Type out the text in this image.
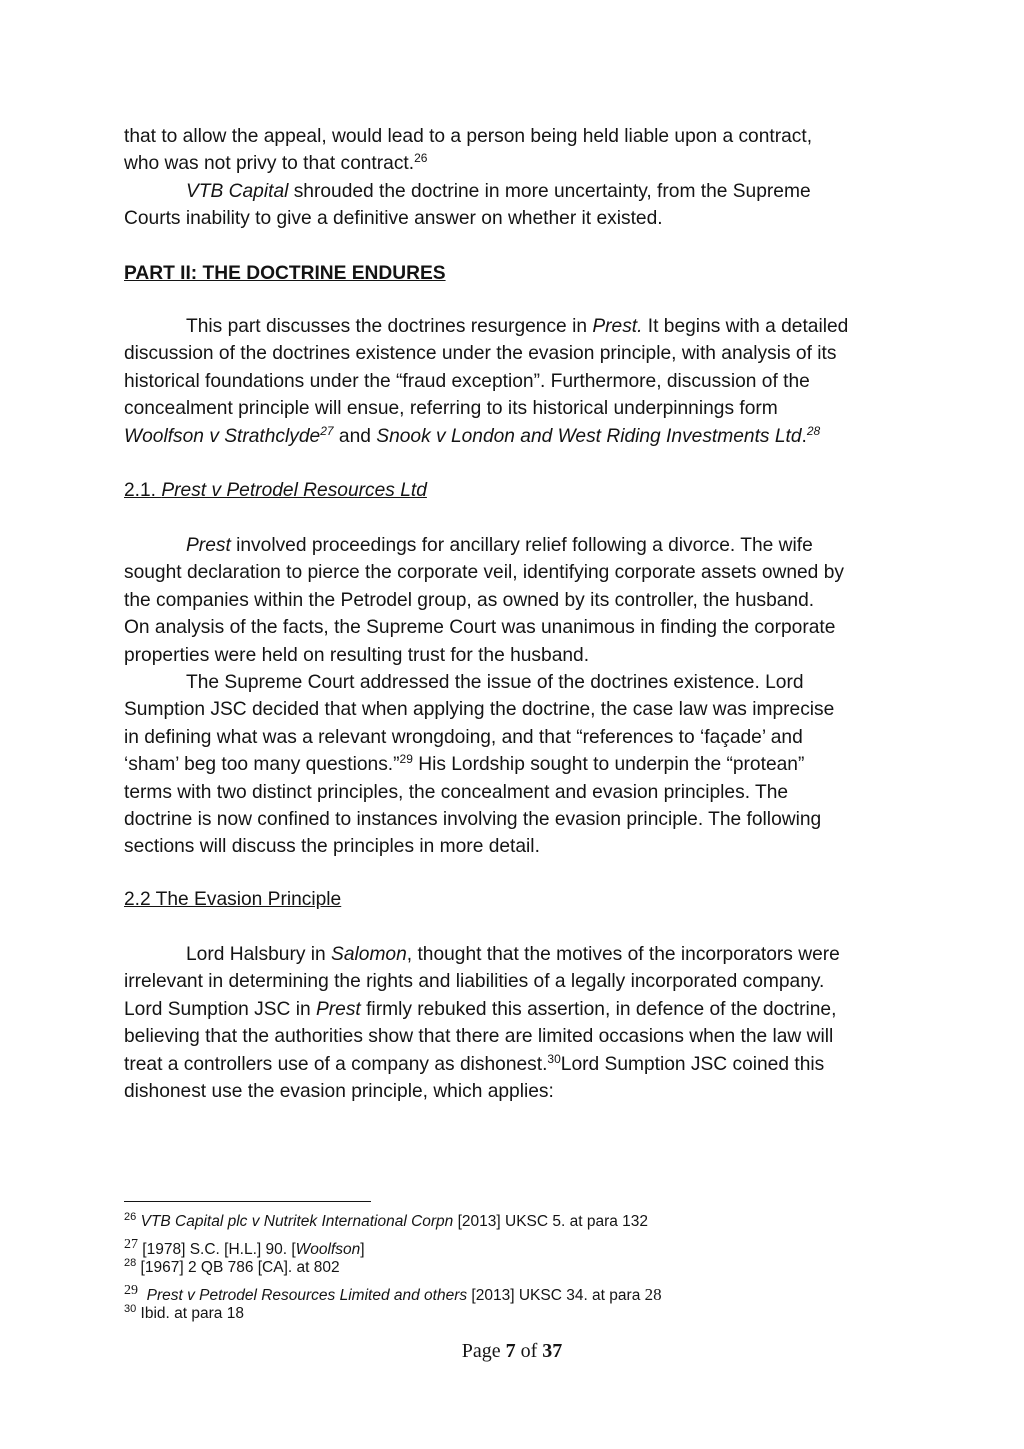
that to allow the appeal, would lead to a person being held liable upon a contract,
who was not privy to that contract.$^{26}$
VTB Capital shrouded the doctrine in more uncertainty, from the Supreme
Courts inability to give a definitive answer on whether it existed.
PART II: THE DOCTRINE ENDURES
This part discusses the doctrines resurgence in Prest. It begins with a detailed
discussion of the doctrines existence under the evasion principle, with analysis of its
historical foundations under the “fraud exception”. Furthermore, discussion of the
concealment principle will ensue, referring to its historical underpinnings form
Woolfson v Strathclyde$^{27}$ and Snook v London and West Riding Investments Ltd.$^{28}$
2.1. Prest v Petrodel Resources Ltd
Prest involved proceedings for ancillary relief following a divorce. The wife
sought declaration to pierce the corporate veil, identifying corporate assets owned by
the companies within the Petrodel group, as owned by its controller, the husband.
On analysis of the facts, the Supreme Court was unanimous in finding the corporate
properties were held on resulting trust for the husband.
The Supreme Court addressed the issue of the doctrines existence. Lord
Sumption JSC decided that when applying the doctrine, the case law was imprecise
in defining what was a relevant wrongdoing, and that “references to ‘façade’ and
‘sham’ beg too many questions.”$^{29}$ His Lordship sought to underpin the “protean”
terms with two distinct principles, the concealment and evasion principles. The
doctrine is now confined to instances involving the evasion principle. The following
sections will discuss the principles in more detail.
2.2 The Evasion Principle
Lord Halsbury in Salomon, thought that the motives of the incorporators were
irrelevant in determining the rights and liabilities of a legally incorporated company.
Lord Sumption JSC in Prest firmly rebuked this assertion, in defence of the doctrine,
believing that the authorities show that there are limited occasions when the law will
treat a controllers use of a company as dishonest.$^{30}$Lord Sumption JSC coined this
dishonest use the evasion principle, which applies:
$^{26}$ VTB Capital plc v Nutritek International Corpn [2013] UKSC 5. at para 132
27 [1978] S.C. [H.L.] 90. [Woolfson]
$^{28}$ [1967] 2 QB 786 [CA]. at 802
29 Prest v Petrodel Resources Limited and others [2013] UKSC 34. at para 28
$^{30}$ Ibid. at para 18
Page 7 of 37
